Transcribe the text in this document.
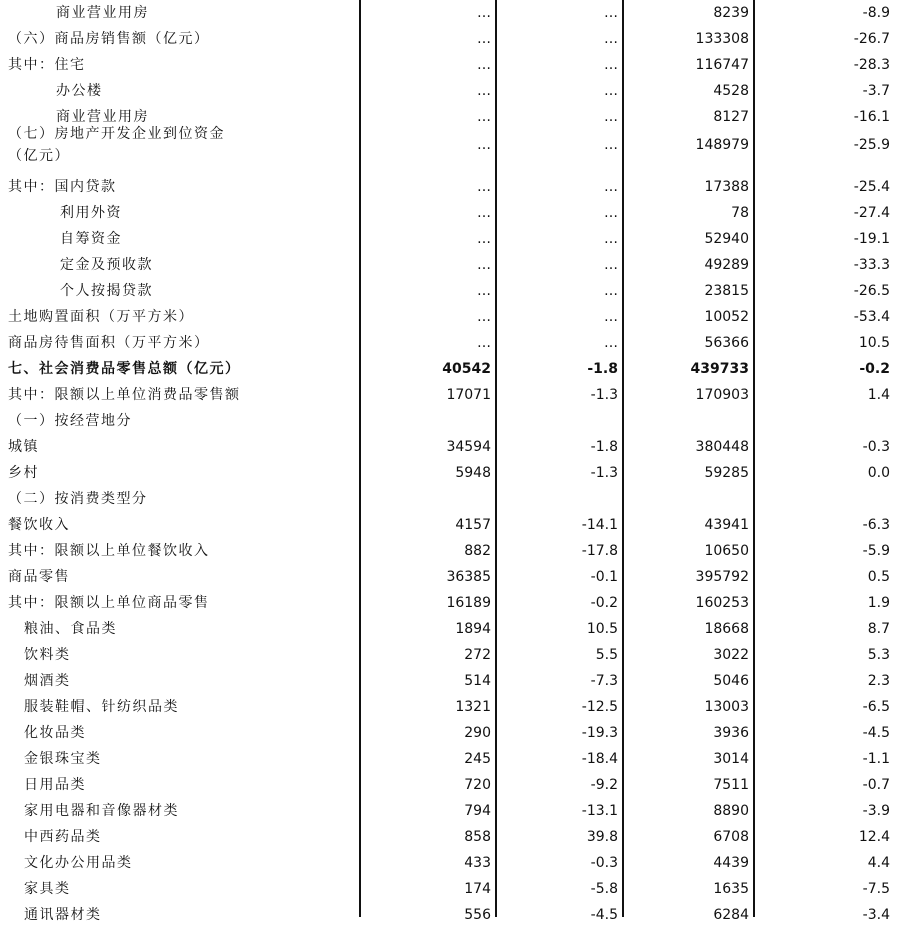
商业营业用房	…	…	8239	-8.9
（六）商品房销售额（亿元）	…	…	133308	-26.7
其中：住宅	…	…	116747	-28.3
办公楼	…	…	4528	-3.7
商业营业用房	…	…	8127	-16.1
（七）房地产开发企业到位资金
（亿元）
…	…	148979	-25.9
其中：国内贷款	…	…	17388	-25.4
利用外资	…	…	78	-27.4
自筹资金	…	…	52940	-19.1
定金及预收款	…	…	49289	-33.3
个人按揭贷款	…	…	23815	-26.5
土地购置面积（万平方米）	…	…	10052	-53.4
商品房待售面积（万平方米）	…	…	56366	10.5
七、社会消费品零售总额（亿元）	40542	-1.8	439733	-0.2
其中：限额以上单位消费品零售额	17071	-1.3	170903	1.4
（一）按经营地分
城镇	34594	-1.8	380448	-0.3
乡村	5948	-1.3	59285	0.0
（二）按消费类型分
餐饮收入	4157	-14.1	43941	-6.3
其中：限额以上单位餐饮收入	882	-17.8	10650	-5.9
商品零售	36385	-0.1	395792	0.5
其中：限额以上单位商品零售	16189	-0.2	160253	1.9
粮油、食品类	1894	10.5	18668	8.7
饮料类	272	5.5	3022	5.3
烟酒类	514	-7.3	5046	2.3
服装鞋帽、针纺织品类	1321	-12.5	13003	-6.5
化妆品类	290	-19.3	3936	-4.5
金银珠宝类	245	-18.4	3014	-1.1
日用品类	720	-9.2	7511	-0.7
家用电器和音像器材类	794	-13.1	8890	-3.9
中西药品类	858	39.8	6708	12.4
文化办公用品类	433	-0.3	4439	4.4
家具类	174	-5.8	1635	-7.5
通讯器材类	556	-4.5	6284	-3.4
